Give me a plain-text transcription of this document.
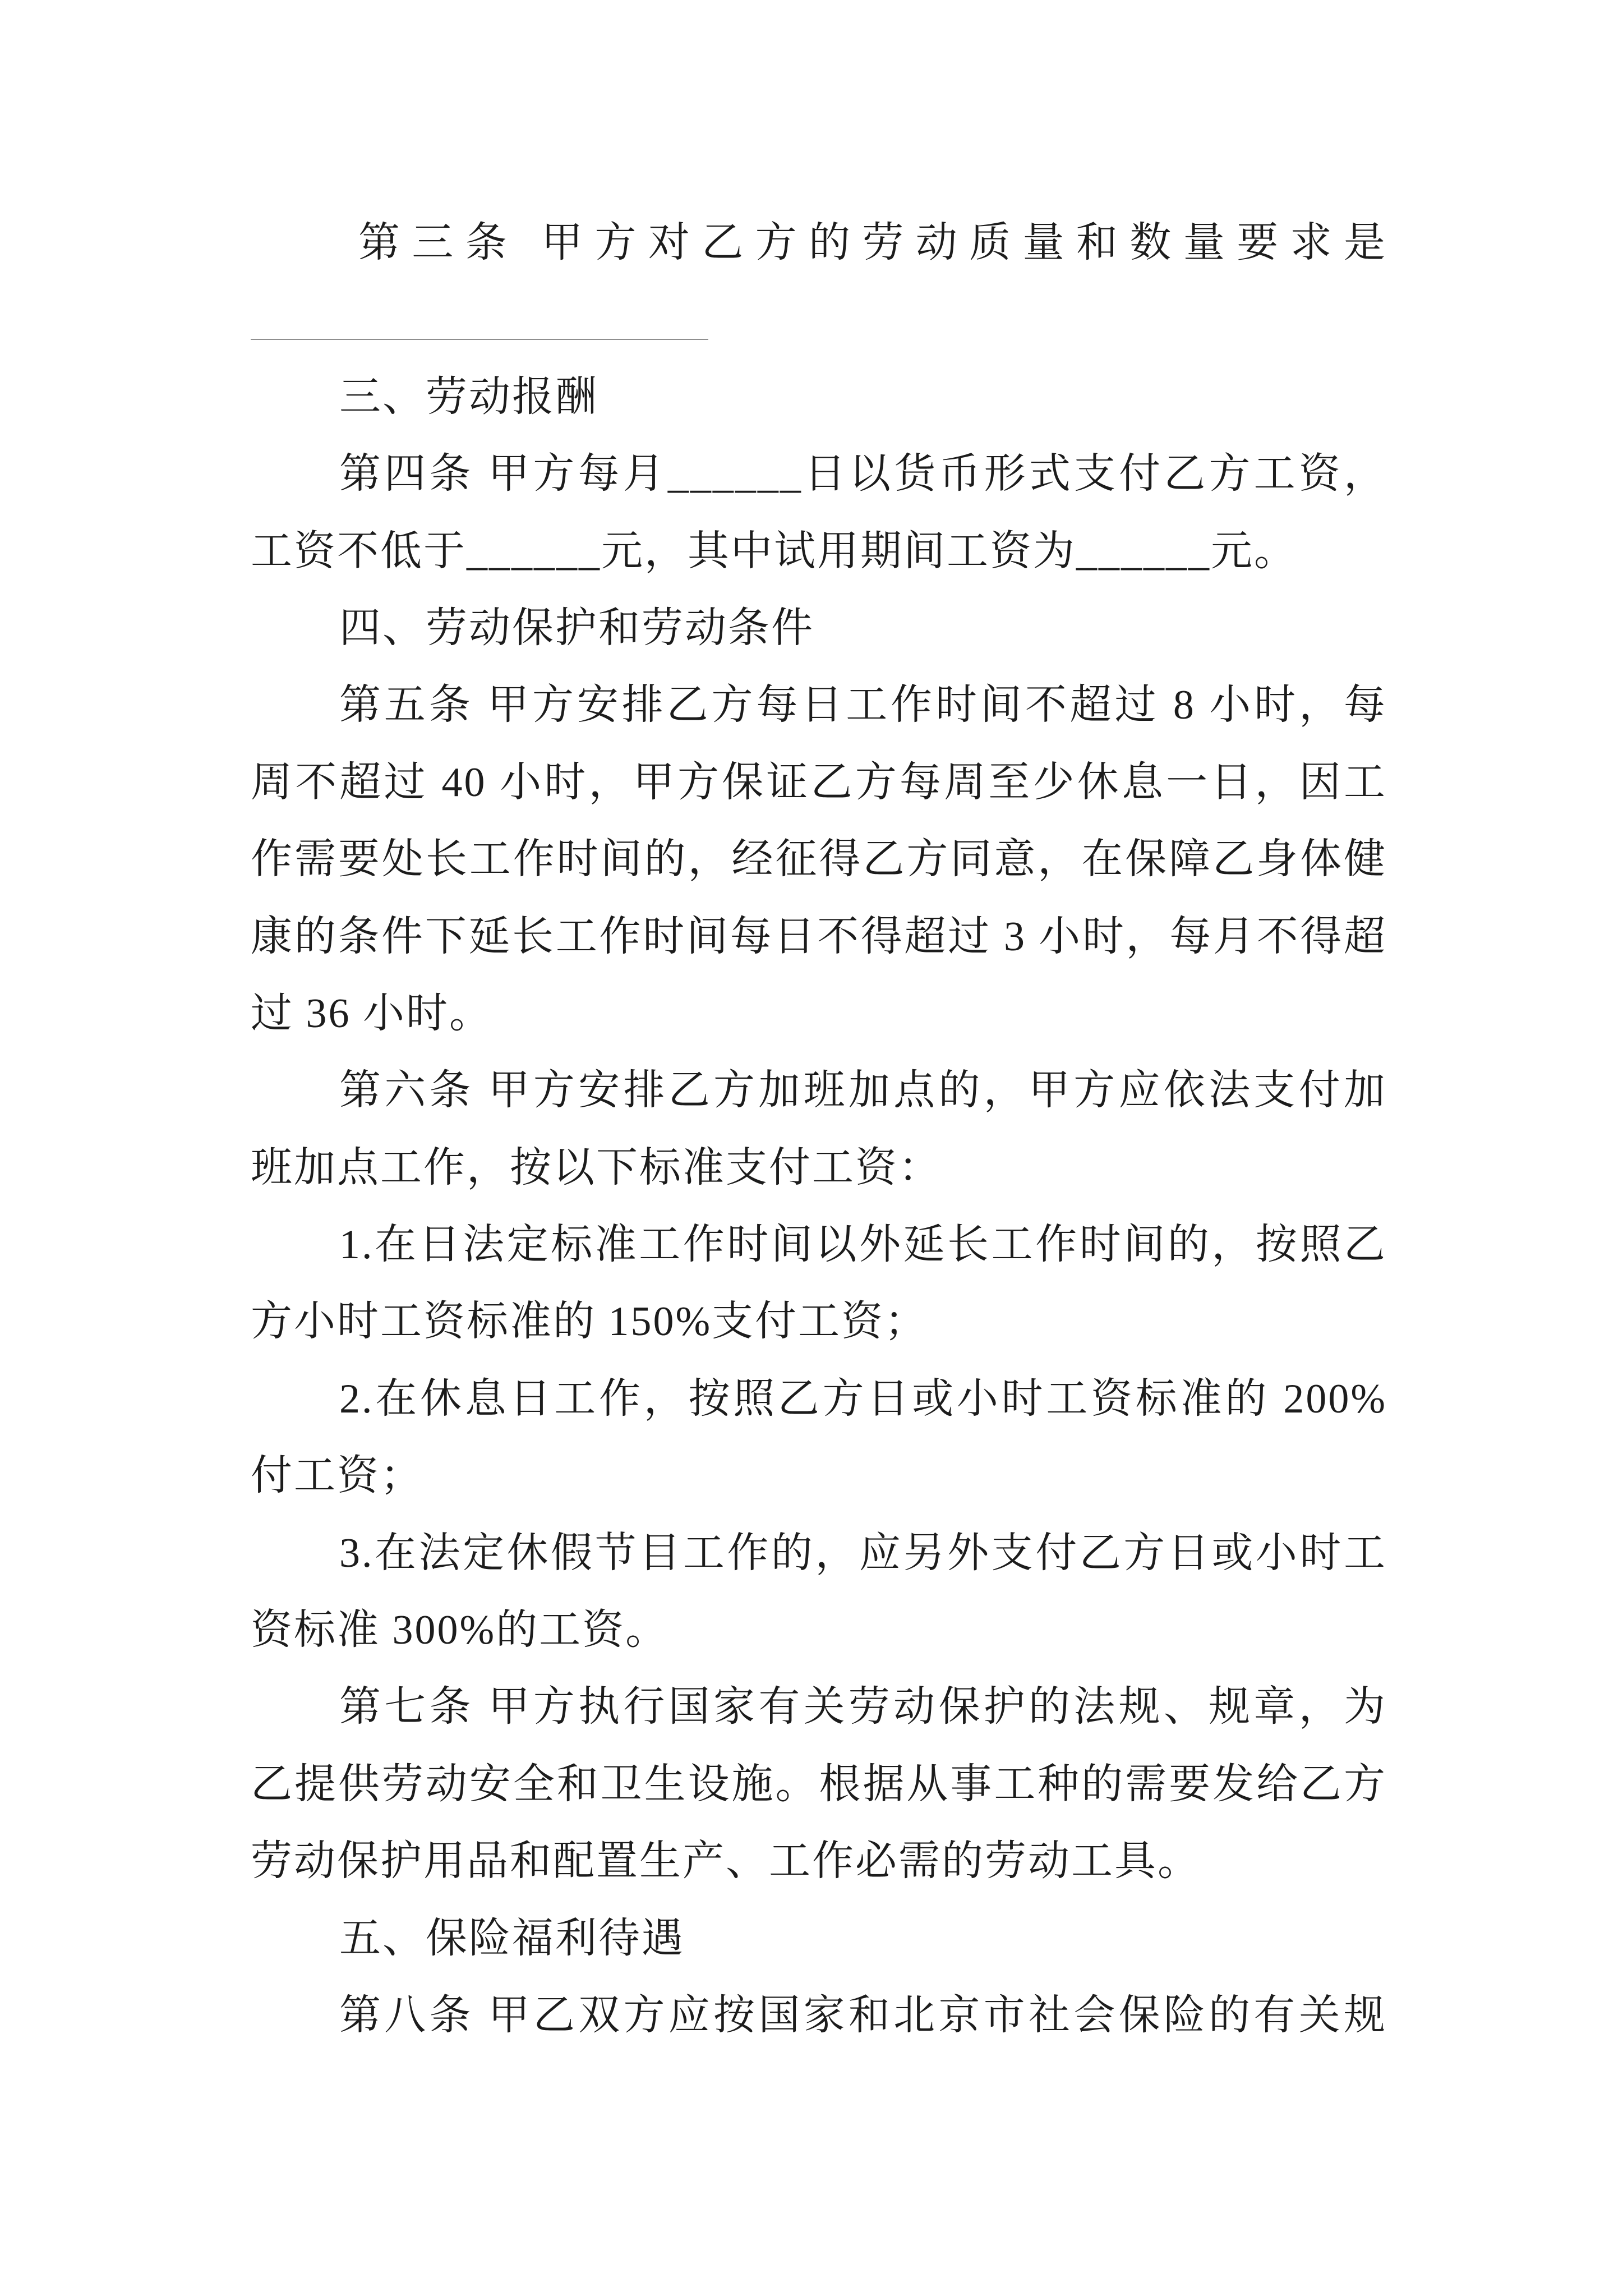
第三条 甲方对乙方的劳动质量和数量要求是
三、劳动报酬
第四条 甲方每月______日以货币形式支付乙方工资，
工资不低于______元，其中试用期间工资为______元。
四、劳动保护和劳动条件
第五条 甲方安排乙方每日工作时间不超过 8 小时，每
周不超过 40 小时，甲方保证乙方每周至少休息一日，因工
作需要处长工作时间的，经征得乙方同意，在保障乙身体健
康的条件下延长工作时间每日不得超过 3 小时，每月不得超
过 36 小时。
第六条 甲方安排乙方加班加点的，甲方应依法支付加
班加点工作，按以下标准支付工资：
1.在日法定标准工作时间以外延长工作时间的，按照乙
方小时工资标准的 150%支付工资；
2.在休息日工作，按照乙方日或小时工资标准的 200%
付工资；
3.在法定休假节目工作的，应另外支付乙方日或小时工
资标准 300%的工资。
第七条 甲方执行国家有关劳动保护的法规、规章，为
乙提供劳动安全和卫生设施。根据从事工种的需要发给乙方
劳动保护用品和配置生产、工作必需的劳动工具。
五、保险福利待遇
第八条 甲乙双方应按国家和北京市社会保险的有关规
